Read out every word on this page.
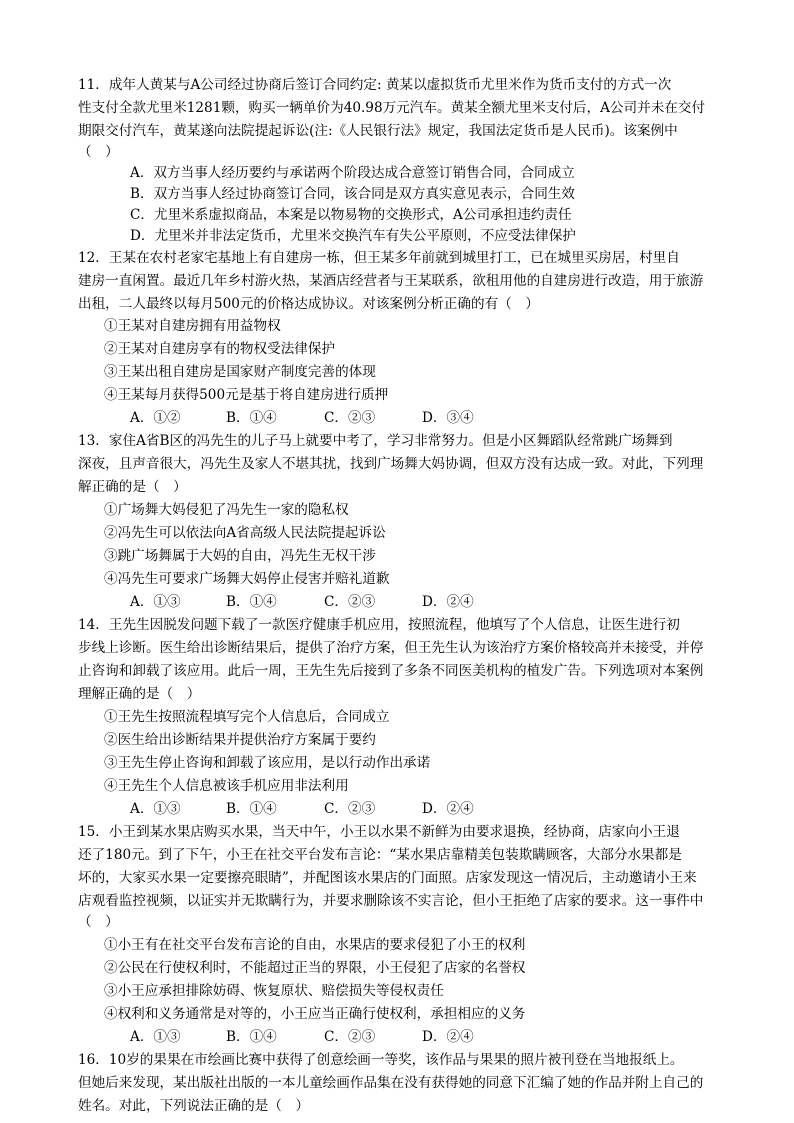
11．成年人黄某与A公司经过协商后签订合同约定: 黄某以虚拟货币尤里米作为货币支付的方式一次
性支付全款尤里米1281颗，购买一辆单价为40.98万元汽车。黄某全额尤里米支付后，A公司并未在交付
期限交付汽车，黄某遂向法院提起诉讼(注:《人民银行法》规定，我国法定货币是人民币)。该案例中
（　）
A．双方当事人经历要约与承诺两个阶段达成合意签订销售合同，合同成立
B．双方当事人经过协商签订合同，该合同是双方真实意见表示，合同生效
C．尤里米系虚拟商品，本案是以物易物的交换形式，A公司承担违约责任
D．尤里米并非法定货币，尤里米交换汽车有失公平原则，不应受法律保护
12．王某在农村老家宅基地上有自建房一栋，但王某多年前就到城里打工，已在城里买房居，村里自
建房一直闲置。最近几年乡村游火热，某酒店经营者与王某联系，欲租用他的自建房进行改造，用于旅游
出租，二人最终以每月500元的价格达成协议。对该案例分析正确的有（　）
①王某对自建房拥有用益物权
②王某对自建房享有的物权受法律保护
③王某出租自建房是国家财产制度完善的体现
④王某每月获得500元是基于将自建房进行质押
A．①②	B．①④	C．②③	D．③④
13．家住A省B区的冯先生的儿子马上就要中考了，学习非常努力。但是小区舞蹈队经常跳广场舞到
深夜，且声音很大，冯先生及家人不堪其扰，找到广场舞大妈协调，但双方没有达成一致。对此，下列理
解正确的是（　）
①广场舞大妈侵犯了冯先生一家的隐私权
②冯先生可以依法向A省高级人民法院提起诉讼
③跳广场舞属于大妈的自由，冯先生无权干涉
④冯先生可要求广场舞大妈停止侵害并赔礼道歉
A．①③	B．①④	C．②③	D．②④
14．王先生因脱发问题下载了一款医疗健康手机应用，按照流程，他填写了个人信息，让医生进行初
步线上诊断。医生给出诊断结果后，提供了治疗方案，但王先生认为该治疗方案价格较高并未接受，并停
止咨询和卸载了该应用。此后一周，王先生先后接到了多条不同医美机构的植发广告。下列选项对本案例
理解正确的是（　）
①王先生按照流程填写完个人信息后，合同成立
②医生给出诊断结果并提供治疗方案属于要约
③王先生停止咨询和卸载了该应用，是以行动作出承诺
④王先生个人信息被该手机应用非法利用
A．①③	B．①④	C．②③	D．②④
15．小王到某水果店购买水果，当天中午，小王以水果不新鲜为由要求退换，经协商，店家向小王退
还了180元。到了下午，小王在社交平台发布言论：“某水果店靠精美包装欺瞒顾客，大部分水果都是
坏的，大家买水果一定要擦亮眼睛”，并配图该水果店的门面照。店家发现这一情况后，主动邀请小王来
店观看监控视频，以证实并无欺瞒行为，并要求删除该不实言论，但小王拒绝了店家的要求。这一事件中
（　）
①小王有在社交平台发布言论的自由，水果店的要求侵犯了小王的权利
②公民在行使权利时，不能超过正当的界限，小王侵犯了店家的名誉权
③小王应承担排除妨碍、恢复原状、赔偿损失等侵权责任
④权利和义务通常是对等的，小王应当正确行使权利，承担相应的义务
A．①③	B．①④	C．②③	D．②④
16．10岁的果果在市绘画比赛中获得了创意绘画一等奖，该作品与果果的照片被刊登在当地报纸上。
但她后来发现，某出版社出版的一本儿童绘画作品集在没有获得她的同意下汇编了她的作品并附上自己的
姓名。对此，下列说法正确的是（　）
